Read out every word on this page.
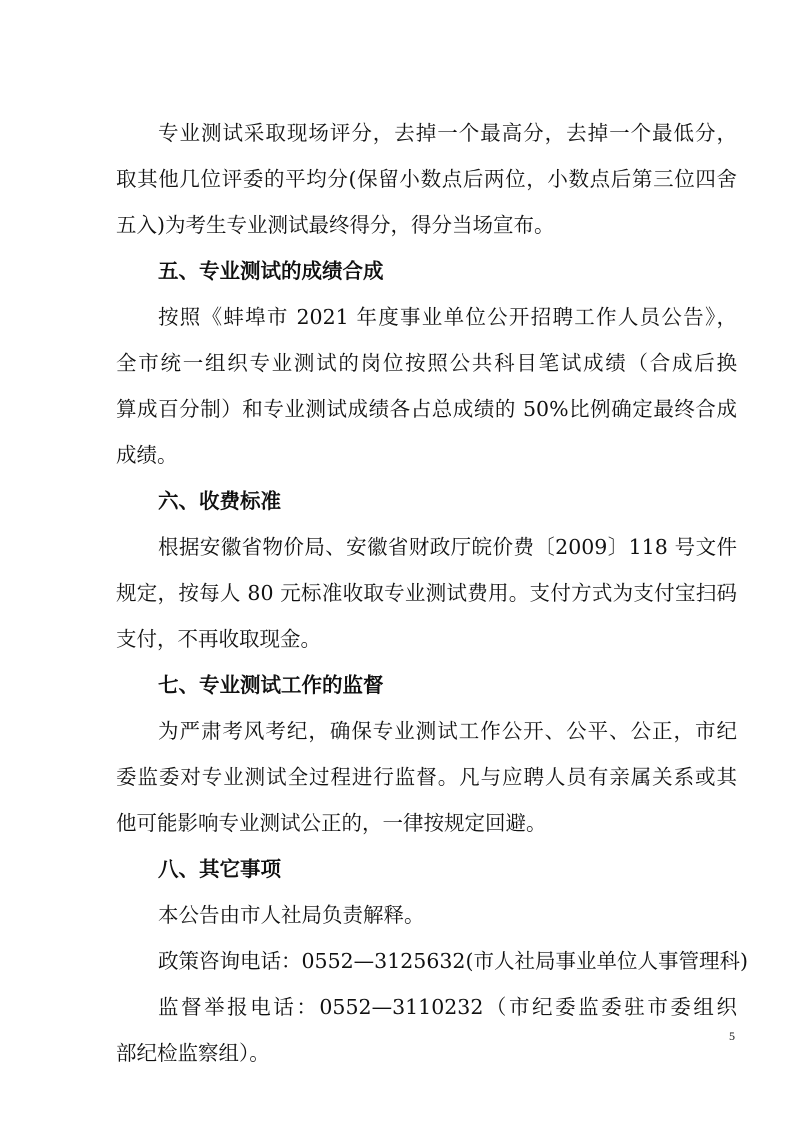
专业测试采取现场评分，去掉一个最高分，去掉一个最低分，
取其他几位评委的平均分(保留小数点后两位，小数点后第三位四舍
五入)为考生专业测试最终得分，得分当场宣布。
五、专业测试的成绩合成
按照《蚌埠市 2021 年度事业单位公开招聘工作人员公告》，
全市统一组织专业测试的岗位按照公共科目笔试成绩（合成后换
算成百分制）和专业测试成绩各占总成绩的 50%比例确定最终合成
成绩。
六、收费标准
根据安徽省物价局、安徽省财政厅皖价费〔2009〕118 号文件
规定，按每人 80 元标准收取专业测试费用。支付方式为支付宝扫码
支付，不再收取现金。
七、专业测试工作的监督
为严肃考风考纪，确保专业测试工作公开、公平、公正，市纪
委监委对专业测试全过程进行监督。凡与应聘人员有亲属关系或其
他可能影响专业测试公正的，一律按规定回避。
八、其它事项
本公告由市人社局负责解释。
政策咨询电话：0552—3125632(市人社局事业单位人事管理科)
监督举报电话：0552—3110232（市纪委监委驻市委组织
部纪检监察组）。
5
